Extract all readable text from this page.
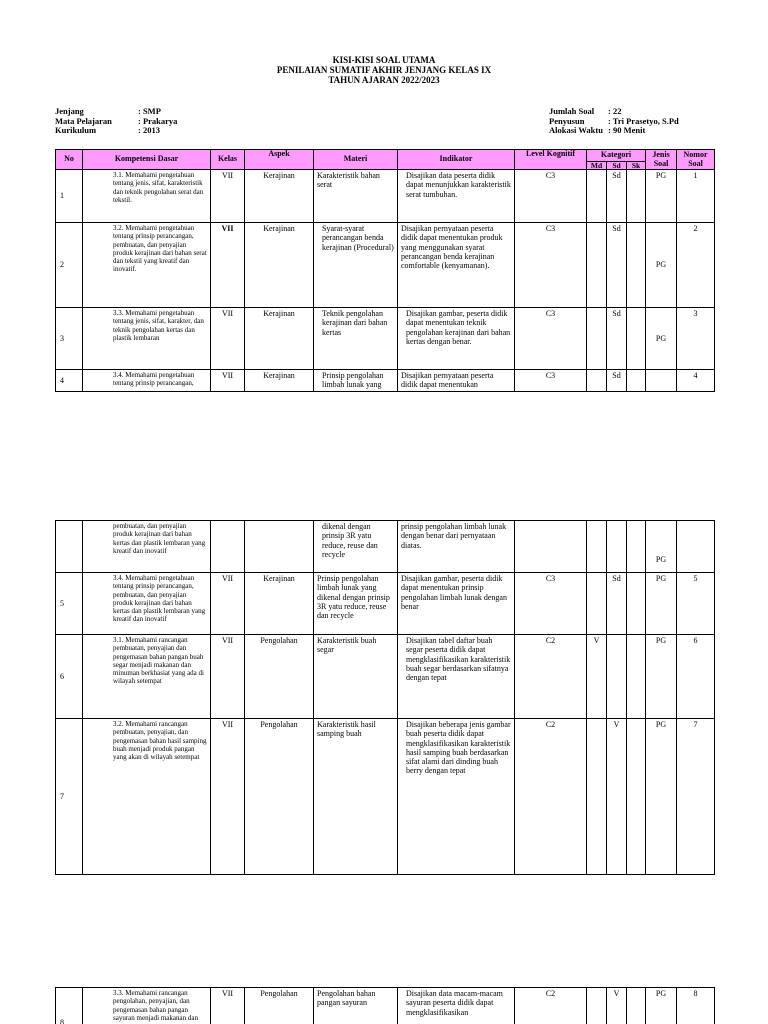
KISI-KISI SOAL UTAMA
PENILAIAN SUMATIF AKHIR JENJANG KELAS IX
TAHUN AJARAN 2022/2023
Jenjang	: SMP
Mata Pelajaran	: Prakarya
Kurikulum	: 2013
Jumlah Soal	: 22
Penyusun	: Tri Prasetyo, S.Pd
Alokasi Waktu : 90 Menit
No	Kompetensi Dasar	Kelas	Aspek	Materi	Indikator	Level Kognitif	Kategori			Jenis Soal	Nomor Soal
							Md	Sd	Sk		
1	3.1. Memahami pengetahuan tentang jenis, sifat, karakteristik dan teknik pengolahan serat dan tekstil.	VII	Kerajinan	Karakteristik bahan serat	Disajikan data peserta didik dapat menunjukkan karakteristik serat tumbuhan.	C3		Sd		PG	1
2	3.2. Memahami pengetahuan tentang prinsip perancangan, pembuatan, dan penyajian produk kerajinan dari bahan serat dan tekstil yang kreatif dan inovatif.	VII	Kerajinan	Syarat-syarat perancangan benda kerajinan (Procedural)	Disajikan pernyataan peserta didik dapat menentukan produk yang menggunakan syarat perancangan benda kerajinan comfortable (kenyamanan).	C3		Sd		PG	2
3	3.3. Memahami pengetahuan tentang jenis, sifat, karakter, dan teknik pengolahan kertas dan plastik lembaran	VII	Kerajinan	Teknik pengolahan kerajinan dari bahan kertas	Disajikan gambar, peserta didik dapat menentukan teknik pengolahan kerajinan dari bahan kertas dengan benar.	C3		Sd		PG	3
4	3.4. Memahami pengetahuan tentang prinsip perancangan,	VII	Kerajinan	Prinsip pengolahan limbah lunak yang	Disajikan pernyataan peserta didik dapat menentukan	C3		Sd			4
	pembuatan, dan penyajian produk kerajinan dari bahan kertas dan plastik lembaran yang kreatif dan inovatif			dikenal dengan prinsip 3R yatu reduce, reuse dan recycle	prinsip pengolahan limbah lunak dengan benar dari pernyataan diatas.					PG	
5	3.4. Memahami pengetahuan tentang prinsip perancangan, pembuatan, dan penyajian produk kerajinan dari bahan kertas dan plastik lembaran yang kreatif dan inovatif	VII	Kerajinan	Prinsip pengolahan limbah lunak yang dikenal dengan prinsip 3R yatu reduce, reuse dan recycle	Disajikan gambar, peserta didik dapat menentukan prinsip pengolahan limbah lunak dengan benar	C3		Sd		PG	5
6	3.1. Memahami rancangan pembuatan, penyajian dan pengemasan bahan pangan buah segar menjadi makanan dan minuman berkhasiat yang ada di wilayah setempat	VII	Pengolahan	Karakteristik buah segar	Disajikan tabel daftar buah segar peserta didik dapat mengklasifikasikan karakteristik buah segar berdasarkan sifatnya dengan tepat	C2	V			PG	6
7	3.2. Memahami rancangan pembuatan, penyajian, dan pengemasan bahan hasil samping buah menjadi produk pangan yang akan di wilayah setempat	VII	Pengolahan	Karakteristik hasil samping buah	Disajikan beberapa jenis gambar buah peserta didik dapat mengklasifikasikan karakteristik hasil samping buah berdasarkan sifat alami dari dinding buah berry dengan tepat	C2		V		PG	7
8	3.3. Memahami rancangan pengolahan, penyajian, dan pengemasan bahan pangan sayuran menjadi makanan dan	VII	Pengolahan	Pengolahan bahan pangan sayuran	Disajikan data macam-macam sayuran peserta didik dapat mengklasifikasikan	C2		V		PG	8
